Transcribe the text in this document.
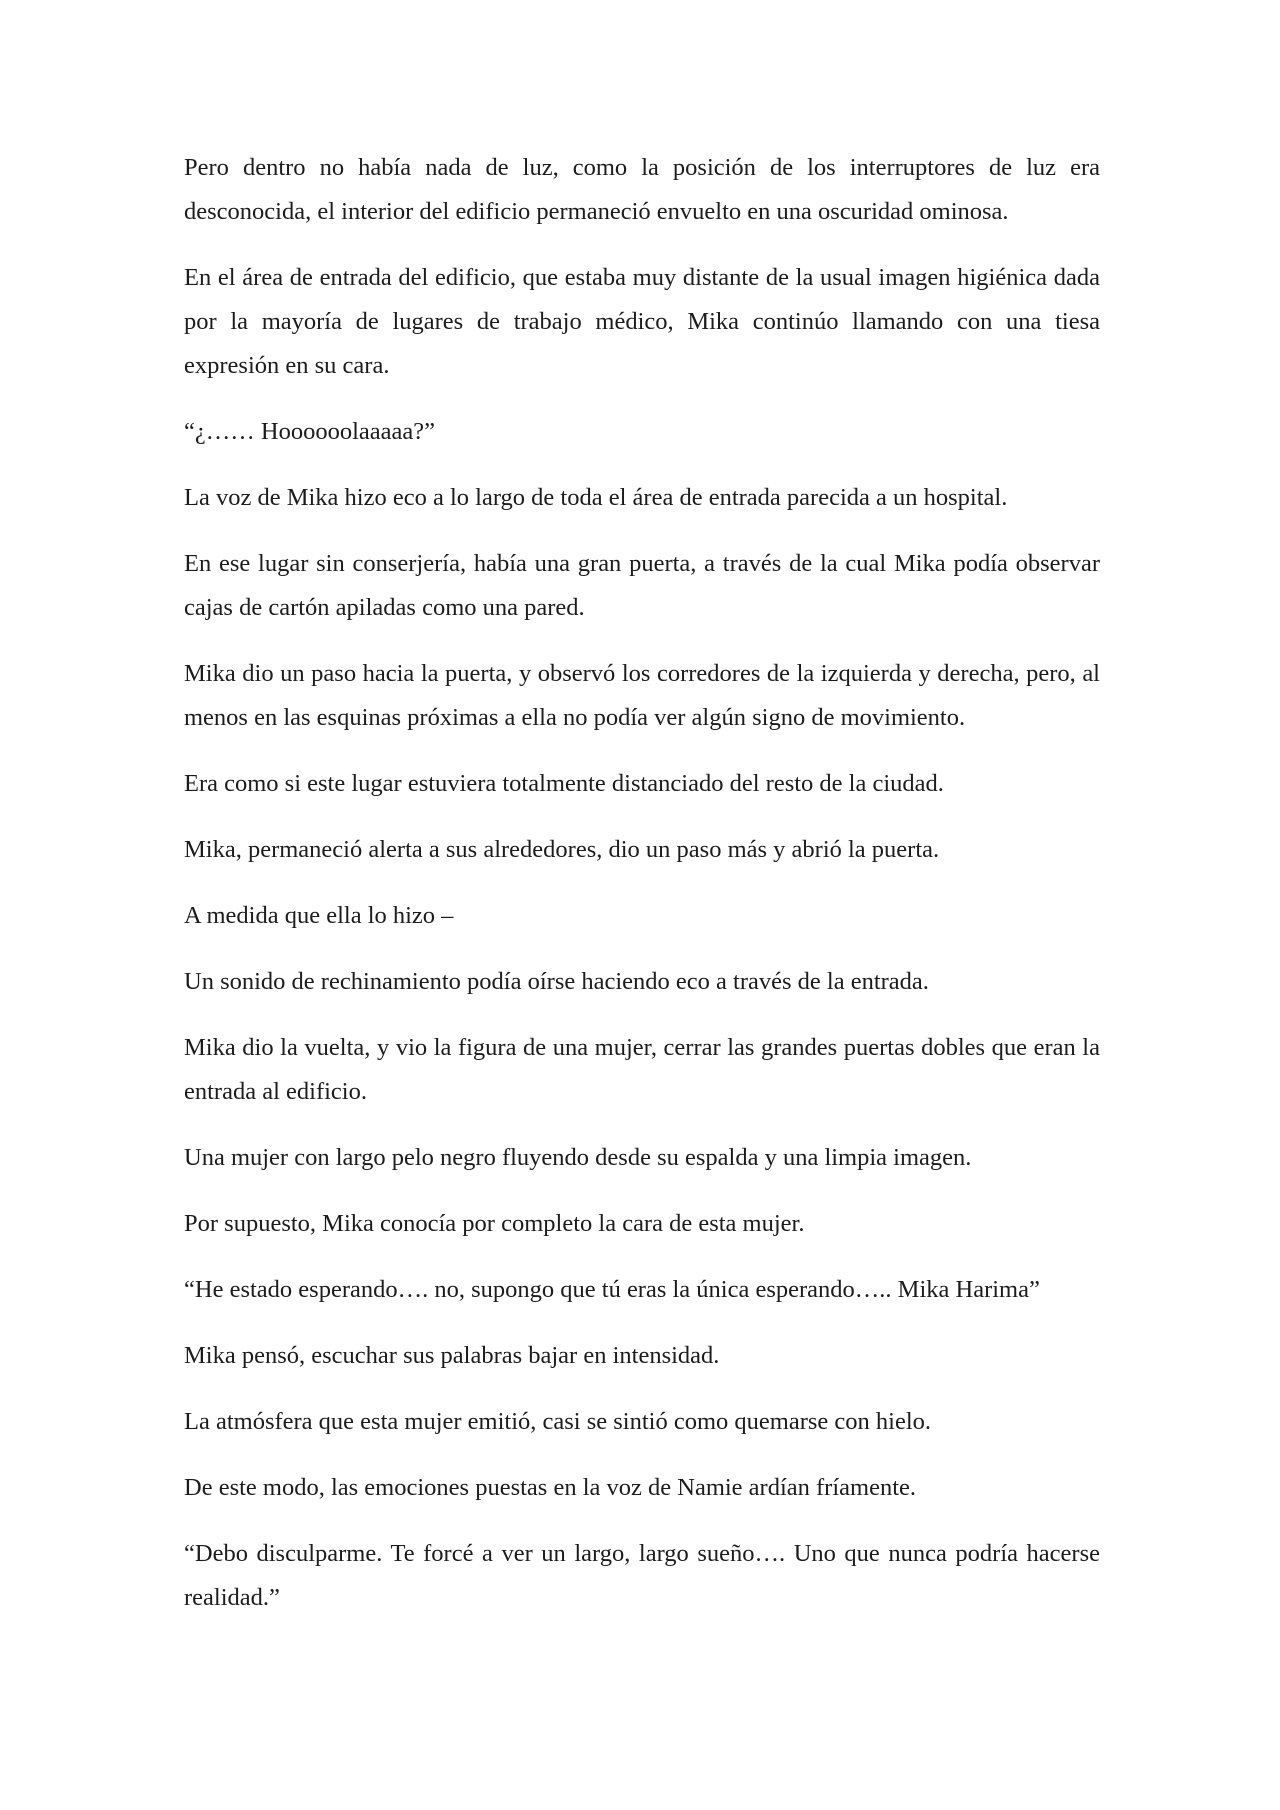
Pero dentro no había nada de luz, como la posición de los interruptores de luz era desconocida, el interior del edificio permaneció envuelto en una oscuridad ominosa.

En el área de entrada del edificio, que estaba muy distante de la usual imagen higiénica dada por la mayoría de lugares de trabajo médico, Mika continúo llamando con una tiesa expresión en su cara.

“¿…… Hoooooolaaaaa?”

La voz de Mika hizo eco a lo largo de toda el área de entrada parecida a un hospital.

En ese lugar sin conserjería, había una gran puerta, a través de la cual Mika podía observar cajas de cartón apiladas como una pared.

Mika dio un paso hacia la puerta, y observó los corredores de la izquierda y derecha, pero, al menos en las esquinas próximas a ella no podía ver algún signo de movimiento.

Era como si este lugar estuviera totalmente distanciado del resto de la ciudad.

Mika, permaneció alerta a sus alrededores, dio un paso más y abrió la puerta.

A medida que ella lo hizo –

Un sonido de rechinamiento podía oírse haciendo eco a través de la entrada.

Mika dio la vuelta, y vio la figura de una mujer, cerrar las grandes puertas dobles que eran la entrada al edificio.

Una mujer con largo pelo negro fluyendo desde su espalda y una limpia imagen.

Por supuesto, Mika conocía por completo la cara de esta mujer.

“He estado esperando…. no, supongo que tú eras la única esperando….. Mika Harima”

Mika pensó, escuchar sus palabras bajar en intensidad.

La atmósfera que esta mujer emitió, casi se sintió como quemarse con hielo.

De este modo, las emociones puestas en la voz de Namie ardían fríamente.

“Debo disculparme. Te forcé a ver un largo, largo sueño…. Uno que nunca podría hacerse realidad.”
